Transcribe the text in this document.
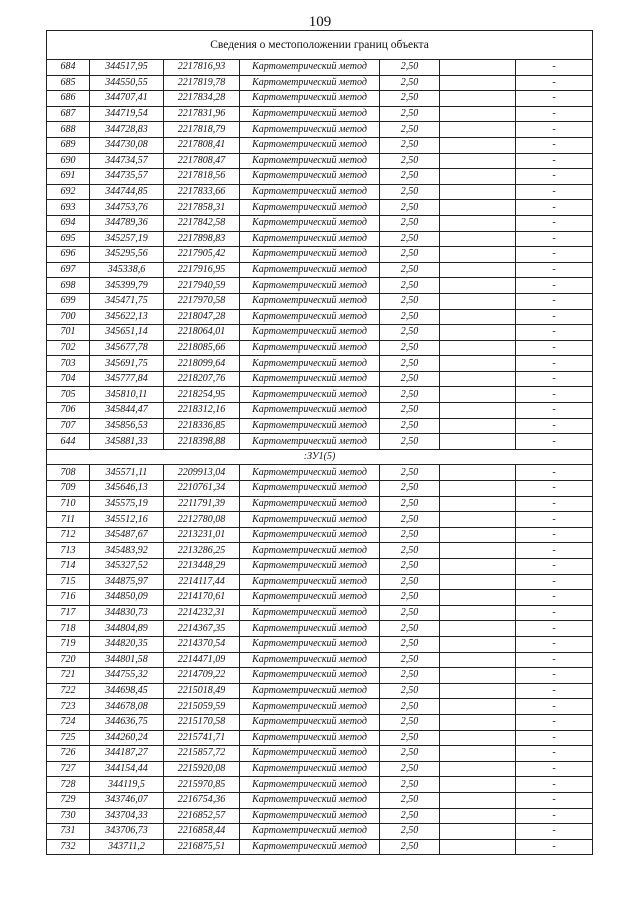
109
Сведения о местоположении границ объекта						
684	344517,95	2217816,93	Картометрический метод	2,50		-
685	344550,55	2217819,78	Картометрический метод	2,50		-
686	344707,41	2217834,28	Картометрический метод	2,50		-
687	344719,54	2217831,96	Картометрический метод	2,50		-
688	344728,83	2217818,79	Картометрический метод	2,50		-
689	344730,08	2217808,41	Картометрический метод	2,50		-
690	344734,57	2217808,47	Картометрический метод	2,50		-
691	344735,57	2217818,56	Картометрический метод	2,50		-
692	344744,85	2217833,66	Картометрический метод	2,50		-
693	344753,76	2217858,31	Картометрический метод	2,50		-
694	344789,36	2217842,58	Картометрический метод	2,50		-
695	345257,19	2217898,83	Картометрический метод	2,50		-
696	345295,56	2217905,42	Картометрический метод	2,50		-
697	345338,6	2217916,95	Картометрический метод	2,50		-
698	345399,79	2217940,59	Картометрический метод	2,50		-
699	345471,75	2217970,58	Картометрический метод	2,50		-
700	345622,13	2218047,28	Картометрический метод	2,50		-
701	345651,14	2218064,01	Картометрический метод	2,50		-
702	345677,78	2218085,66	Картометрический метод	2,50		-
703	345691,75	2218099,64	Картометрический метод	2,50		-
704	345777,84	2218207,76	Картометрический метод	2,50		-
705	345810,11	2218254,95	Картометрический метод	2,50		-
706	345844,47	2218312,16	Картометрический метод	2,50		-
707	345856,53	2218336,85	Картометрический метод	2,50		-
644	345881,33	2218398,88	Картометрический метод	2,50		-
:ЗУ1(5)						
708	345571,11	2209913,04	Картометрический метод	2,50		-
709	345646,13	2210761,34	Картометрический метод	2,50		-
710	345575,19	2211791,39	Картометрический метод	2,50		-
711	345512,16	2212780,08	Картометрический метод	2,50		-
712	345487,67	2213231,01	Картометрический метод	2,50		-
713	345483,92	2213286,25	Картометрический метод	2,50		-
714	345327,52	2213448,29	Картометрический метод	2,50		-
715	344875,97	2214117,44	Картометрический метод	2,50		-
716	344850,09	2214170,61	Картометрический метод	2,50		-
717	344830,73	2214232,31	Картометрический метод	2,50		-
718	344804,89	2214367,35	Картометрический метод	2,50		-
719	344820,35	2214370,54	Картометрический метод	2,50		-
720	344801,58	2214471,09	Картометрический метод	2,50		-
721	344755,32	2214709,22	Картометрический метод	2,50		-
722	344698,45	2215018,49	Картометрический метод	2,50		-
723	344678,08	2215059,59	Картометрический метод	2,50		-
724	344636,75	2215170,58	Картометрический метод	2,50		-
725	344260,24	2215741,71	Картометрический метод	2,50		-
726	344187,27	2215857,72	Картометрический метод	2,50		-
727	344154,44	2215920,08	Картометрический метод	2,50		-
728	344119,5	2215970,85	Картометрический метод	2,50		-
729	343746,07	2216754,36	Картометрический метод	2,50		-
730	343704,33	2216852,57	Картометрический метод	2,50		-
731	343706,73	2216858,44	Картометрический метод	2,50		-
732	343711,2	2216875,51	Картометрический метод	2,50		-
